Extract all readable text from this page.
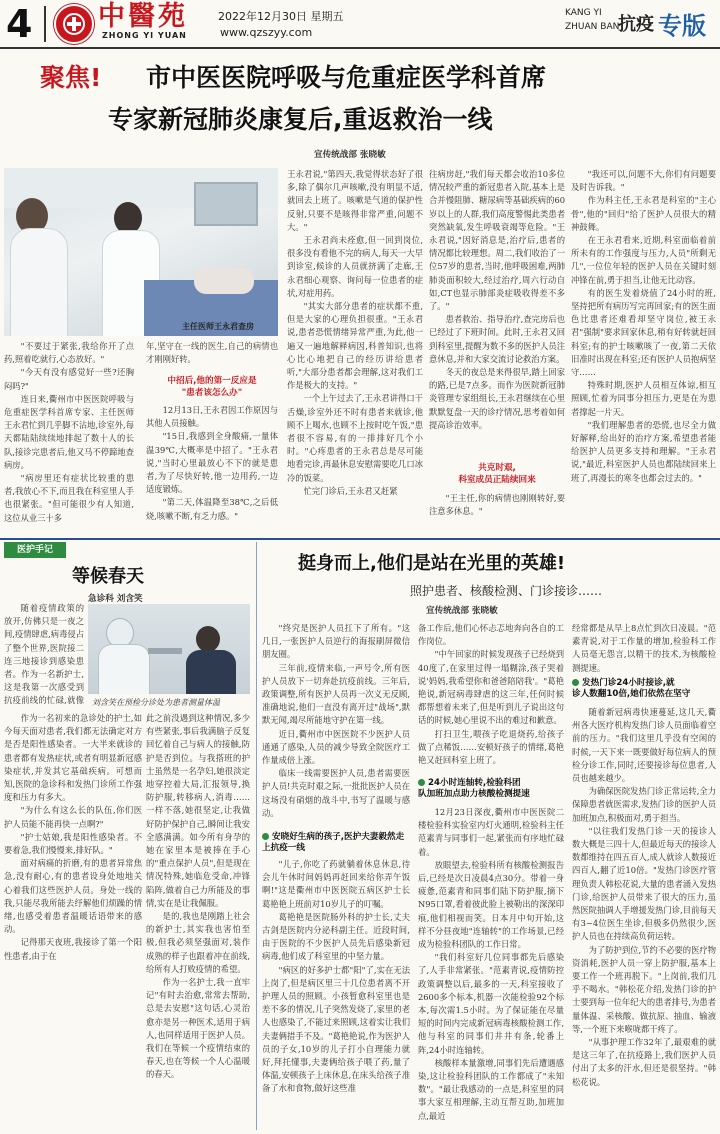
4 中醫苑
ZHONG YI YUAN
2022年12月30日 星期五
www.qzszyy.com
KANG YI
ZHUAN BAN
抗疫 专版
聚焦! 市中医医院呼吸与危重症医学科首席
专家新冠肺炎康复后,重返救治一线
宣传统战部 张晓敏
主任医师王永君查房

"不要过于紧张,我给你开了点药,照着吃就行,心态放好。"

"今天有没有感觉好一些?还胸闷吗?"

连日来,衢州市中医医院呼吸与危重症医学科首席专家、主任医师王永君忙到几乎脚不沾地,诊室外,每天都陆陆续续地排起了数十人的长队,接诊完患者后,他又马不停蹄地查病房。

"病房里还有症状比较重的患者,我放心不下,而且我在科室里人手也很紧张。"但可能很少有人知道,这位从业三十多

年,坚守在一线的医生,自己的病情也才刚刚好转。

中招后,他的第一反应是
"患者该怎么办"

12月13日,王永君因工作原因与其他人员接触。

"15日,我感到全身酸痛,一量体温39℃,大概率是中招了。"王永君说,"当时心里最放心不下的就是患者,为了尽快好转,他一边用药,一边适度锻炼。

"第二天,体温降至38℃,之后低烧,咳嗽不断,有乏力感。"

王永君说,"第四天,我觉得状态好了很多,除了偶尔几声咳嗽,没有明显不适,就回去上班了。咳嗽是气道的保护性反射,只要不是咳得非常严重,问题不大。"

王永君尚未痊愈,但一回到岗位,很多没有看他不完的病人,每天一大早到诊室,候诊的人员就挤满了走廊,王永君细心观察、询问每一位患者的症状,对症用药。

"其实大部分患者的症状都不重,但是大家的心理负担很重。"王永君说,患者恐慌情绪异常严重,为此,他一遍又一遍地解释病因,科普知识,也将心比心地把自己的经历讲给患者听,"大部分患者都会理解,这对我们工作是极大的支持。"

一个上午过去了,王永君讲得口干舌燥,诊室外还不时有患者来就诊,他顾不上喝水,也顾不上按时吃午饭,"患者很不容易,有的一排排好几个小时。"心疼患者的王永君总是尽可能地看完诊,再最休息安慰需要吃几口冰冷的饭菜。

忙完门诊后,王永君又赶紧

往病房赶,"我们每天都会收治10多位情况较严重的新冠患者入院,基本上是合并慢阻肺、糖尿病等基础疾病的60岁以上的人群,我们高度警惕此类患者突然缺氧,发生呼吸衰竭等危险。"王永君说,"因好消息是,治疗后,患者的情况都比较理想。周二,我们收治了一位57岁的患者,当时,他呼吸困难,两肺肺炎面积较大,经过治疗,周六行动自如,CT也显示肺部炎症吸收得差不多了。"

患者救治、指导治疗,查完房后也已经过了下班时间。此时,王永君又回到科室里,提醒为数不多的医护人员注意休息,并和大家交流讨论救治方案。

冬天的夜总是来得很早,踏上回家的路,已是7点多。而作为医院新冠肺炎管理专家组组长,王永君继续在心里默默复盘一天的诊疗情况,思考着如何提高诊治效率。

共克时艰,
科室成员正陆续回来

"王主任,你的病情也刚刚转好,要注意多休息。"

"我还可以,问题不大,你们有问题要及时告诉我。"

作为科主任,王永君是科室的"主心骨",他的"回归"给了医护人员很大的精神鼓舞。

在王永君看来,近期,科室面临着前所未有的工作强度与压力,人员"所剩无几",一位位年轻的医护人员在关键时刻冲锋在前,勇于担当,让他无比动容。

有的医生发着烧值了24小时的班,坚持把所有病历写完再回家;有的医生面色比患者还难看却坚守岗位,被王永君"强制"要求回家休息,稍有好转就赶回科室;有的护士咳嗽咳了一夜,第二天依旧准时出现在科室;还有医护人员抱病坚守……

特殊时期,医护人员相互体谅,相互照顾,忙着为同事分担压力,更是在为患者撑起一片天。

"我们理解患者的恐慌,也尽全力做好解释,给出好的治疗方案,希望患者能给医护人员更多支持和理解。"王永君说,"最近,科室医护人员也都陆续回来上班了,再漫长的寒冬也都会过去的。"

医护手记
等候春天
急诊科 刘含笑
刘含笑在预检分诊处为患者测量体温

随着疫情政策的放开,仿佛只是一夜之间,疫情肆虐,病毒侵占了整个世界,医院接二连三地接诊到感染患者。作为一名新护士,这是我第一次感受到抗疫前线的忙碌,就像

作为一名初来的急诊处的护士,如今每天面对患者,我们都无法确定对方是否是阳性感染者。一大半来就诊的患者都有发热症状,或者有明显新冠感染症状,并发其它基础疾病。可想而知,医院的急诊科和发热门诊所工作强度和压力有多大。

"为什么有这么长的队伍,你们医护人员能不能再快一点啊?"

"护士姑娘,我是阳性感染者。不要着急,我们慢慢来,排好队。"

面对病痛的折磨,有的患者异常焦急,没有耐心,有的患者设身处地地关心着我们这些医护人员。身处一线的我,只能尽我所能去纾解他们烦躁的情绪,也感受着患者温暖话语带来的感动。

记得那天夜班,我接诊了第一个阳性患者,由于在

此之前没遇到这种情况,多少有些紧张,事后我满脑子反复回忆着自己与病人的接触,防护是否到位。与我搭班的护士虽然是一名孕妇,她很淡定地穿控着大局,汇报领导,换防护服,转移病人,消毒……一样不落,她很坚定,让我做好防护保护自己,瞬间让我安全感满满。如今所有身孕的她在家里本是被捧在手心的"重点保护人员",但是现在情况特殊,她临危受命,冲锋陷阵,做着自己力所能及的事情,实在是让我佩服。

是的,我也是刚踏上社会的新护士,其实我也害怕至极,但我必须坚强面对,装作成熟的样子也跟着冲在前线,给所有人打败疫情的希望。

作为一名护士,我一直牢记"有时去治愈,常常去帮助,总是去安慰"这句话,心灵治愈亦是另一种医术,适用于病人,也同样适用于医护人员。我们在等候一个疫情结束的春天,也在等候一个人心温暖的春天。

挺身而上,他们是站在光里的英雄!
照护患者、核酸检测、门诊接诊……
宣传统战部 张晓敏

"终究是医护人员扛下了所有。"这几日,一张医护人员逆行的海报刷屏微信朋友圈。

三年前,疫情来临,一声号令,所有医护人员放下一切奔赴抗疫前线。三年后,政策调整,所有医护人员再一次义无反顾,准确地说,他们一直没有离开过"战场",默默无闻,竭尽所能地守护在第一线。

近日,衢州市中医医院不少医护人员通通了感染,人员的减少导致全院医疗工作量成倍上涨。

临床一线需要医护人员,患者需要医护人员!共克时艰之际,一批批医护人员在这场没有硝烟的战斗中,书写了温暖与感动。

安晓好生病的孩子,医护夫妻毅然走上抗疫一线

"儿子,你吃了药就躺着休息休息,待会儿午休时间妈妈再赶回来给你弄午饭啊!"这是衢州市中医医院五病区护士长葛艳艳上班前对10岁儿子的叮嘱。

葛艳艳是医院肠外科的护士长,丈夫古剑是医院内分泌科副主任。近段时间,由于医院的不少医护人员先后感染新冠病毒,他们成了科室里的中坚力量。

"病区的好多护士都"阳"了,实在无法上岗了,但是病区里三十几位患者离不开护理人员的照顾。小孩暂愈科室里也是差不多的情况,儿子突然发烧了,家里的老人也感染了,不能过来照顾,这着实让我们夫妻俩措手不及。"葛艳艳说,作为医护人员的子女,10岁的儿子打小自理能力就好,拜托懂事,夫妻俩给孩子喂了药,量了体温,安顿孩子上床休息,在床头给孩子准备了水和食物,做好这些准

备工作后,他们心怀忐忑地奔向各自的工作岗位。

"中午回家的时候发现孩子已经烧到40度了,在家里过得一塌糊涂,孩子哭着说'妈妈,我希望你和爸爸陪陪我'。"葛艳艳说,新冠病毒肆虐的这三年,任何时候都帮想着未来了,但是听到儿子说出这句话的时候,她心里说不出的难过和歉意。

打扫卫生,喂孩子吃退烧药,给孩子做了点稀饭……安顿好孩子的情绪,葛艳艳又赶回科室上班了。

24小时连轴转,检验科团
队加班加点助力核酸检测提速

12月23日深夜,衢州市中医医院二楼检验科实验室内灯火通明,检验科主任范素青与同事们一起,紧张而有序地忙碌着。

放眼望去,检验科所有核酸检测报告后,已经是次日凌晨4点30分。带着一身疲惫,范素青和同事们陆下防护服,摘下N95口罩,看着彼此脸上被勒出的深深印痕,他们相视而笑。日本月中旬开始,这样不分昼夜地"连轴转"的工作场景,已经成为检验科团队的工作日常。

"我们科室好几位同事都先后感染了,人手非常紧张。"范素青说,疫情防控政策调整以后,最多的一天,科室接收了2600多个标本,机器一次能检验92个标本,每次需1.5小时。为了保证能在尽量短的时间内完成新冠病毒核酸检测工作,他与科室的同事们井井有条,轮番上阵,24小时连轴转。

核酸样本量激增,同事们先后遭遇感染,这让检验科团队的工作都成了"未知数"。"最让我感动的一点是,科室里的同事大家互相理解,主动互帮互助,加班加点,最近

经常都是从早上8点忙到次日凌晨。"范素青说,对于工作量的增加,检验科工作人员毫无怨言,以精干的技术,为核酸检测提速。

发热门诊24小时接诊,就
诊人数翻10倍,她们依然在坚守

随着新冠病毒快速蔓延,这几天,衢州各大医疗机构发热门诊人员面临着空前的压力。"我们这里几乎没有空闲的时候,一天下来一既要做好每位病人的预检分诊工作,同时,还要接诊每位患者,人员也越来越少。

为确保医院发热门诊正常运转,全力保障患者就医需求,发热门诊的医护人员加班加点,积极面对,勇于担当。

"以往我们发热门诊一天的接诊人数大概是三四十人,但最近每天的接诊人数都维持在四五百人,成人就诊人数接近四百人,翻了近10倍。"发热门诊医疗管理负责人韩松花说,大量的患者涌入发热门诊,给医护人员带来了很大的压力,虽然医院抽调人手增援发热门诊,目前每天有3~4位医生坐诊,但极多仍然很少,医护人员也在持续高负荷运转。

为了防护到位,节约不必要的医疗物资消耗,医护人员一穿上防护服,基本上要工作一个班再脱下。"上岗前,我们几乎不喝水。"韩松花介绍,发热门诊的护士要到每一位年纪大的患者排号,为患者量体温、采核酸、做抗原、抽血、输液等,一个班下来喉咙都干疼了。

"从事护理工作32年了,最艰难的就是这三年了,在抗疫路上,我们医护人员付出了太多的汗水,但还是很坚持。"韩松花说。
